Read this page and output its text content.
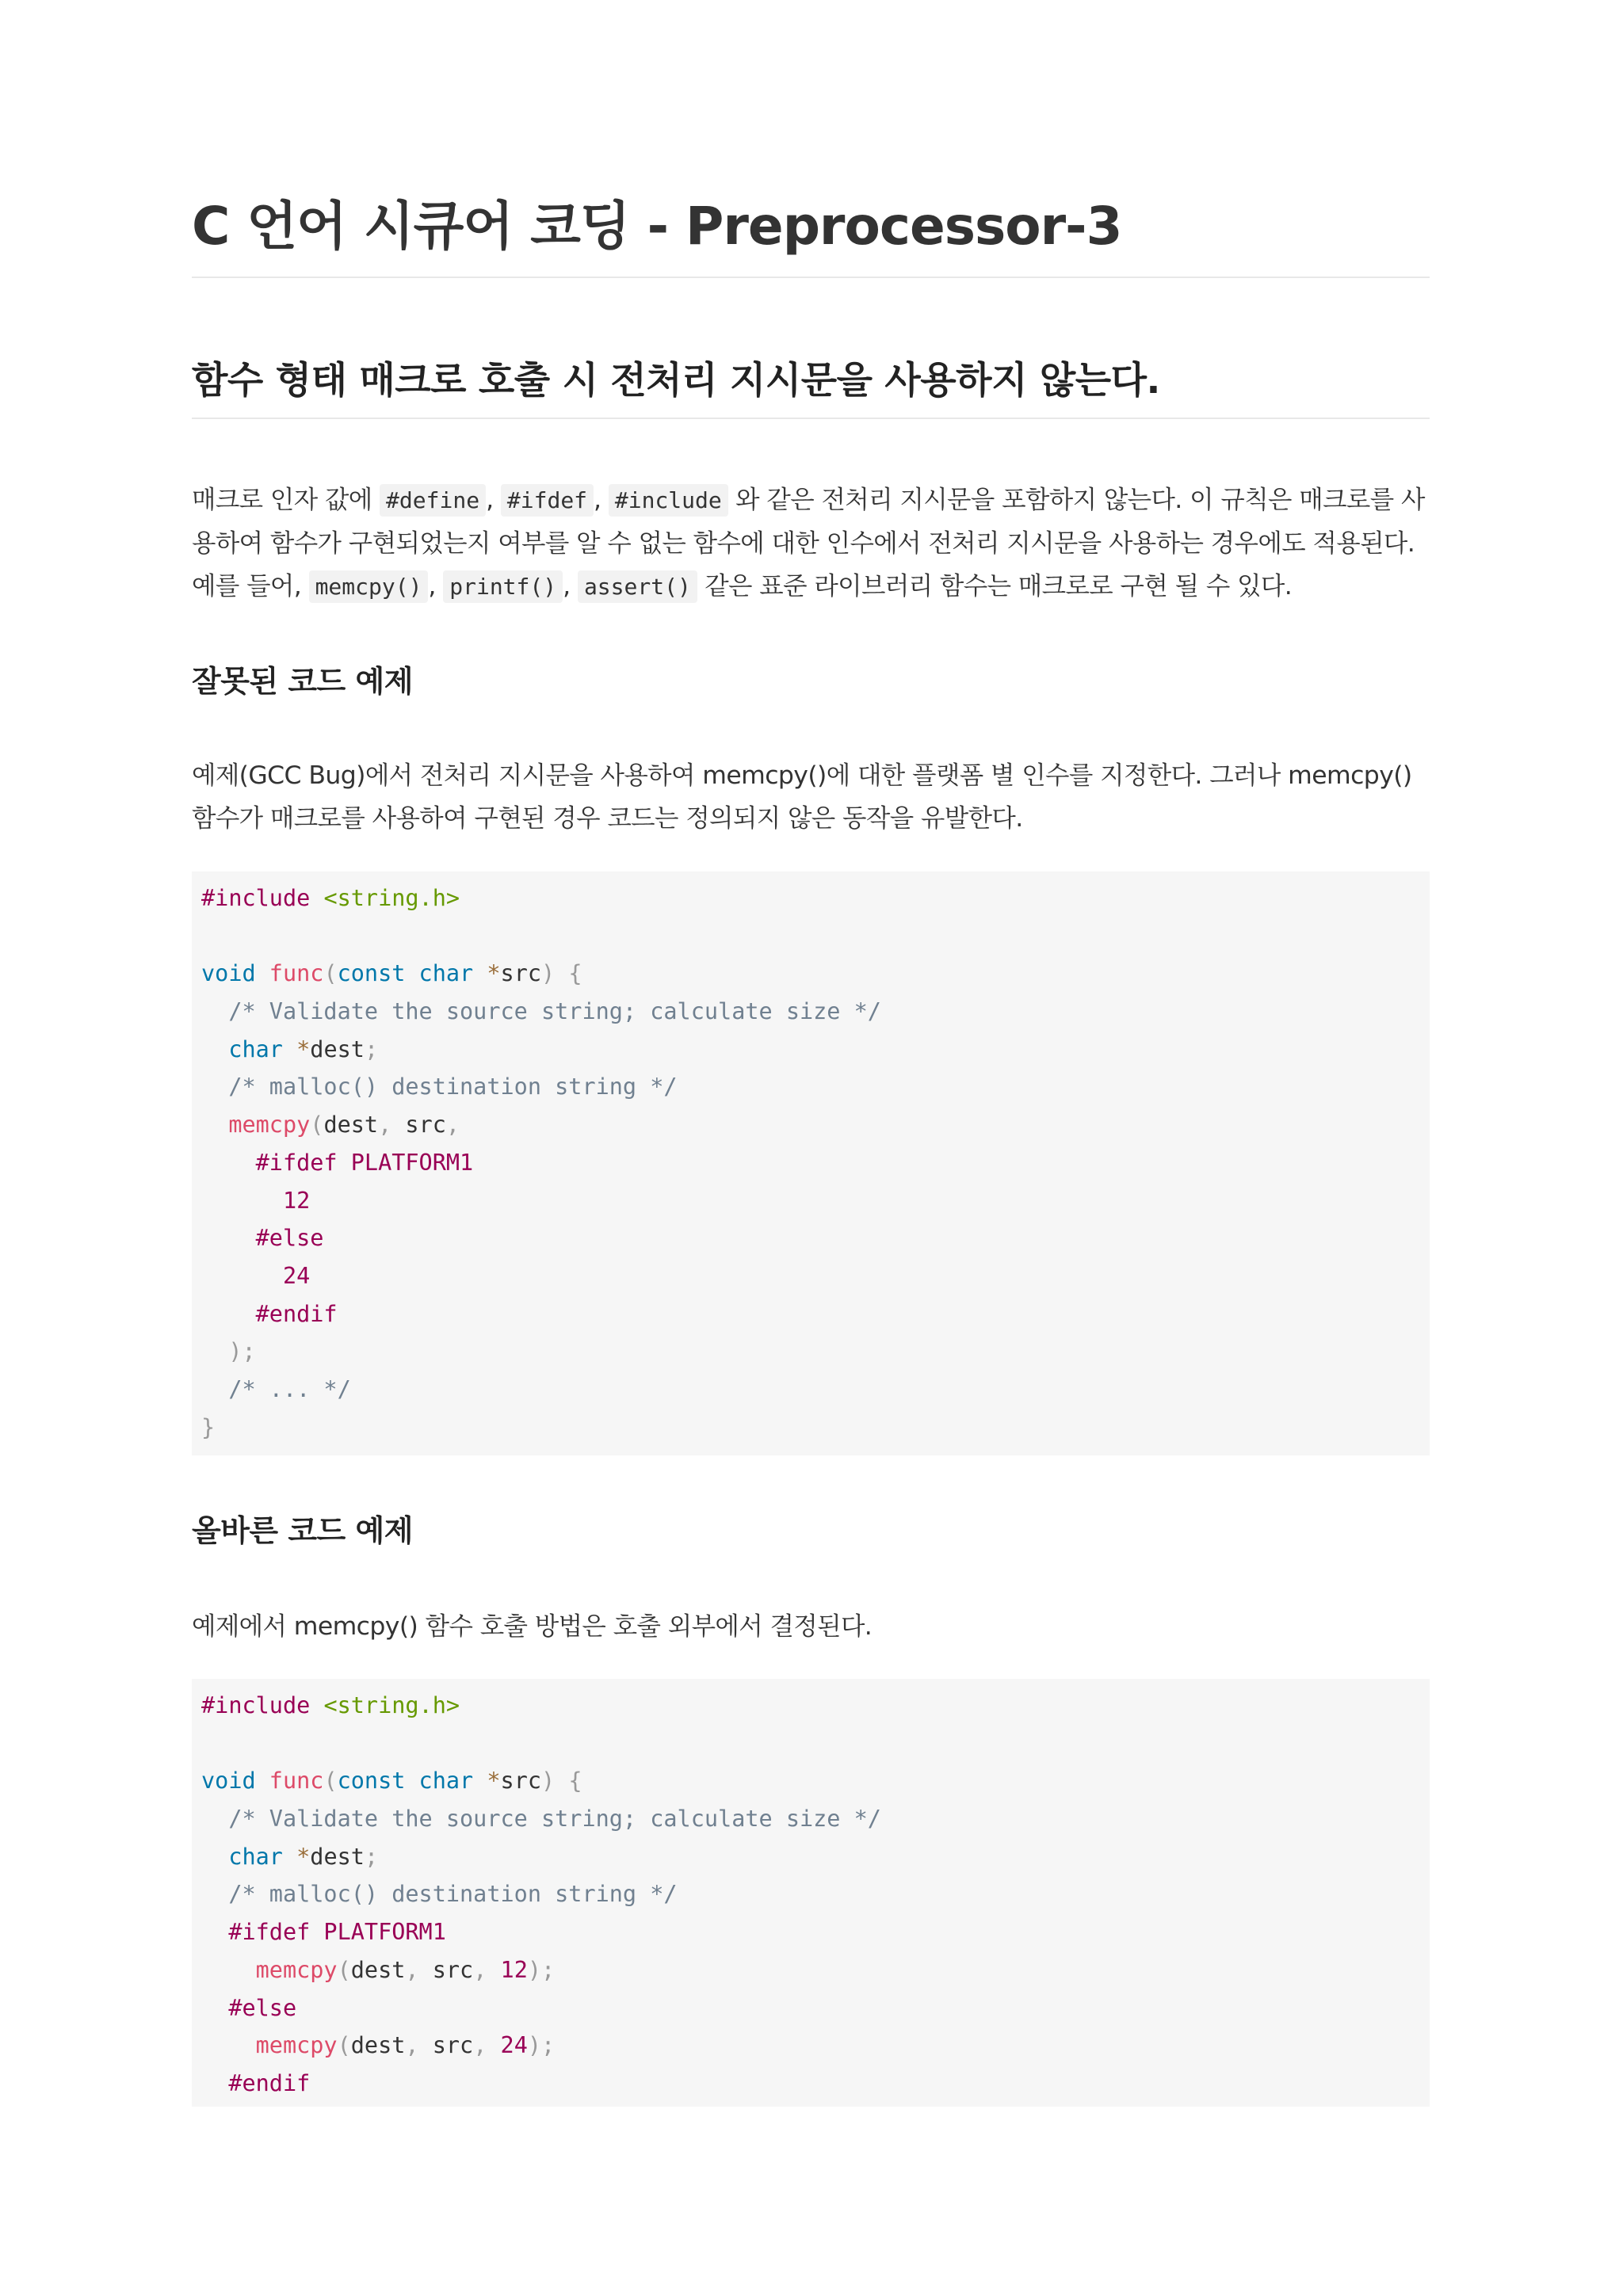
C 언어 시큐어 코딩 - Preprocessor-3
함수 형태 매크로 호출 시 전처리 지시문을 사용하지 않는다.

매크로 인자 값에 #define , #ifdef , #include 와 같은 전처리 지시문을 포함하지 않는다. 이 규칙은 매크로를 사용하여 함수가 구현되었는지 여부를 알 수 없는 함수에 대한 인수에서 전처리 지시문을 사용하는 경우에도 적용된다. 예를 들어, memcpy() , printf() , assert() 같은 표준 라이브러리 함수는 매크로로 구현 될 수 있다.

잘못된 코드 예제

예제(GCC Bug)에서 전처리 지시문을 사용하여 memcpy()에 대한 플랫폼 별 인수를 지정한다. 그러나 memcpy() 함수가 매크로를 사용하여 구현된 경우 코드는 정의되지 않은 동작을 유발한다.

#include <string.h>

void func(const char *src) {
/* Validate the source string; calculate size */
char *dest;
/* malloc() destination string */
memcpy(dest, src,
#ifdef PLATFORM1
12
#else
24
#endif
);
/* ... */
}
올바른 코드 예제

예제에서 memcpy() 함수 호출 방법은 호출 외부에서 결정된다.

#include <string.h>

void func(const char *src) {
/* Validate the source string; calculate size */
char *dest;
/* malloc() destination string */
#ifdef PLATFORM1
memcpy(dest, src, 12);
#else
memcpy(dest, src, 24);
#endif
